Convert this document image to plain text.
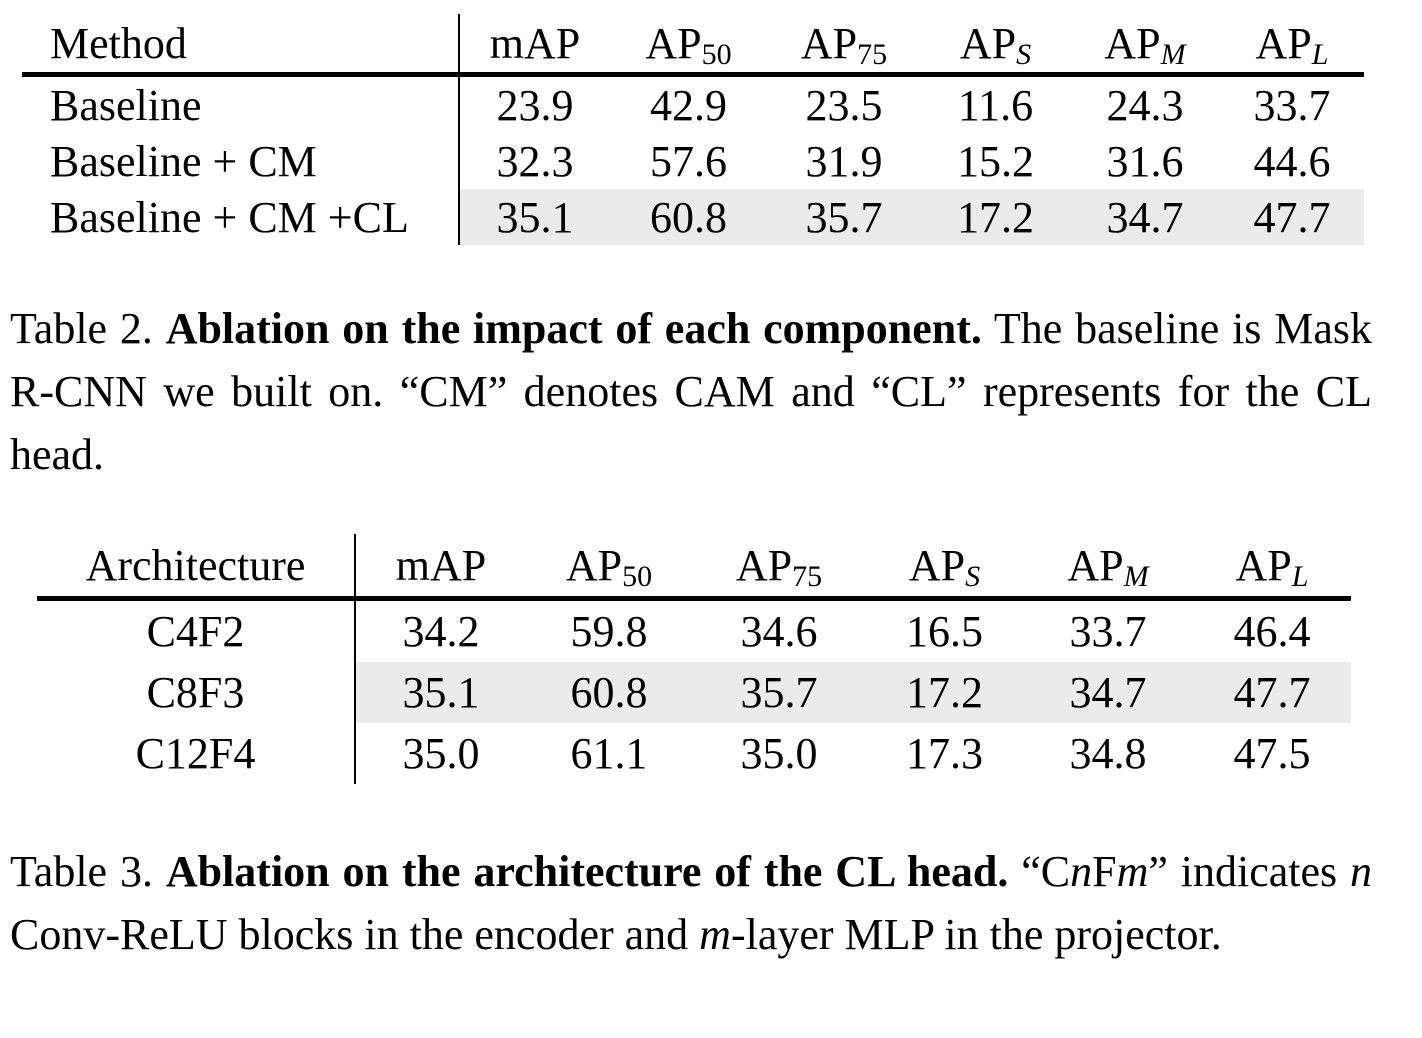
Method	mAP	$AP_{50}$	$AP_{75}$	$AP_S$	$AP_M$	$AP_L$
Baseline	23.9	42.9	23.5	11.6	24.3	33.7
Baseline + CM	32.3	57.6	31.9	15.2	31.6	44.6
Baseline + CM +CL	35.1	60.8	35.7	17.2	34.7	47.7
Table 2. Ablation on the impact of each component. The baseline is Mask R-CNN we built on. “CM” denotes CAM and “CL” represents for the CL head.
Architecture	mAP	$AP_{50}$	$AP_{75}$	$AP_S$	$AP_M$	$AP_L$
C4F2	34.2	59.8	34.6	16.5	33.7	46.4
C8F3	35.1	60.8	35.7	17.2	34.7	47.7
C12F4	35.0	61.1	35.0	17.3	34.8	47.5
Table 3. Ablation on the architecture of the CL head. “CnFm” indicates n Conv-ReLU blocks in the encoder and m-layer MLP in the projector.
